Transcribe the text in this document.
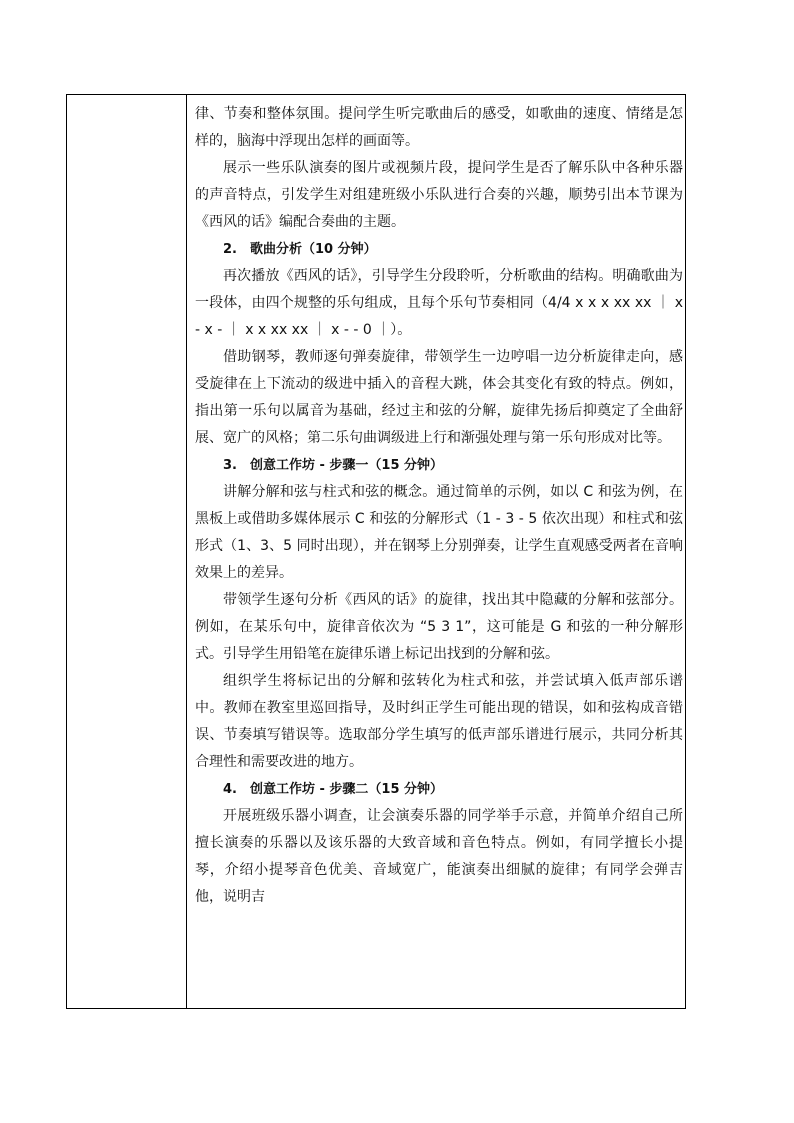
律、节奏和整体氛围。提问学生听完歌曲后的感受，如歌曲的速度、情绪是怎样的，脑海中浮现出怎样的画面等。

展示一些乐队演奏的图片或视频片段，提问学生是否了解乐队中各种乐器的声音特点，引发学生对组建班级小乐队进行合奏的兴趣，顺势引出本节课为《西风的话》编配合奏曲的主题。

2.　歌曲分析（10 分钟）

再次播放《西风的话》，引导学生分段聆听，分析歌曲的结构。明确歌曲为一段体，由四个规整的乐句组成，且每个乐句节奏相同（4/4 x x x xx xx ｜ x - x - ｜ x x xx xx ｜ x - - 0 ｜）。

借助钢琴，教师逐句弹奏旋律，带领学生一边哼唱一边分析旋律走向，感受旋律在上下流动的级进中插入的音程大跳，体会其变化有致的特点。例如，指出第一乐句以属音为基础，经过主和弦的分解，旋律先扬后抑奠定了全曲舒展、宽广的风格；第二乐句曲调级进上行和渐强处理与第一乐句形成对比等。

3.　创意工作坊 - 步骤一（15 分钟）

讲解分解和弦与柱式和弦的概念。通过简单的示例，如以 C 和弦为例，在黑板上或借助多媒体展示 C 和弦的分解形式（1 - 3 - 5 依次出现）和柱式和弦形式（1、3、5 同时出现），并在钢琴上分别弹奏，让学生直观感受两者在音响效果上的差异。

带领学生逐句分析《西风的话》的旋律，找出其中隐藏的分解和弦部分。例如，在某乐句中，旋律音依次为 “5 3 1”，这可能是 G 和弦的一种分解形式。引导学生用铅笔在旋律乐谱上标记出找到的分解和弦。

组织学生将标记出的分解和弦转化为柱式和弦，并尝试填入低声部乐谱中。教师在教室里巡回指导，及时纠正学生可能出现的错误，如和弦构成音错误、节奏填写错误等。选取部分学生填写的低声部乐谱进行展示，共同分析其合理性和需要改进的地方。

4.　创意工作坊 - 步骤二（15 分钟）

开展班级乐器小调查，让会演奏乐器的同学举手示意，并简单介绍自己所擅长演奏的乐器以及该乐器的大致音域和音色特点。例如，有同学擅长小提琴，介绍小提琴音色优美、音域宽广，能演奏出细腻的旋律；有同学会弹吉他，说明吉
